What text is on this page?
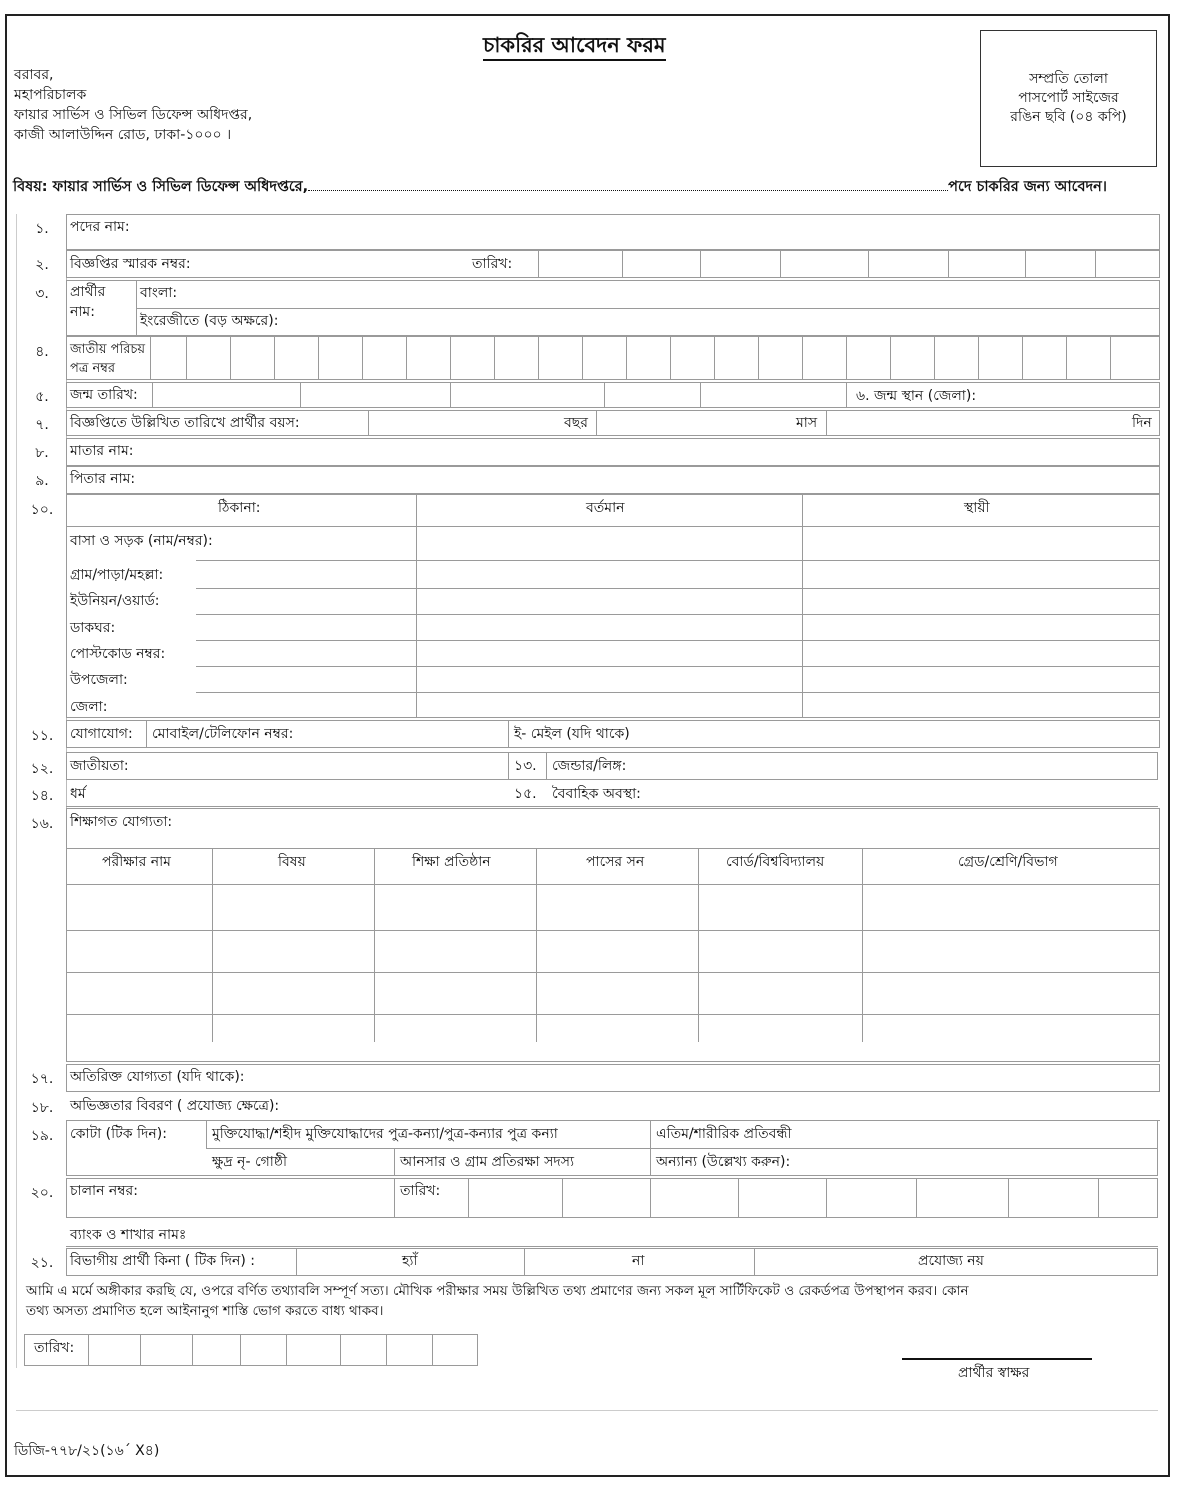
চাকরির আবেদন ফরম
সম্প্রতি তোলা
পাসপোর্ট সাইজের
রঙিন ছবি (০৪ কপি)
বরাবর,
মহাপরিচালক
ফায়ার সার্ভিস ও সিভিল ডিফেন্স অধিদপ্তর,
কাজী আলাউদ্দিন রোড, ঢাকা-১০০০ ।
বিষয়: ফায়ার সার্ভিস ও সিভিল ডিফেন্স অধিদপ্তরে,	পদে চাকরির জন্য আবেদন।
১.	পদের নাম:
২.	বিজ্ঞপ্তির স্মারক নম্বর:	তারিখ:
৩.	প্রার্থীর
নাম:
বাংলা:
ইংরেজীতে (বড় অক্ষরে):
৪.	জাতীয় পরিচয়
পত্র নম্বর
৫.	জন্ম তারিখ:	৬. জন্ম স্থান (জেলা):
৭.	বিজ্ঞপ্তিতে উল্লিখিত তারিখে প্রার্থীর বয়স:	বছর	মাস	দিন
৮.	মাতার নাম:
৯.	পিতার নাম:
১০.	ঠিকানা:	বর্তমান	স্থায়ী
বাসা ও সড়ক (নাম/নম্বর):
গ্রাম/পাড়া/মহল্লা:
ইউনিয়ন/ওয়ার্ড:
ডাকঘর:
পোস্টকোড নম্বর:
উপজেলা:
জেলা:
১১.	যোগাযোগ: মোবাইল/টেলিফোন নম্বর:	ই- মেইল (যদি থাকে)
১২.	জাতীয়তা:	১৩. জেন্ডার/লিঙ্গ:
১৪.	ধর্ম	১৫. বৈবাহিক অবস্থা:
১৬.	শিক্ষাগত যোগ্যতা:
পরীক্ষার নাম	বিষয়	শিক্ষা প্রতিষ্ঠান	পাসের সন	বোর্ড/বিশ্ববিদ্যালয়	গ্রেড/শ্রেণি/বিভাগ
১৭.	অতিরিক্ত যোগ্যতা (যদি থাকে):
১৮.	অভিজ্ঞতার বিবরণ ( প্রযোজ্য ক্ষেত্রে):
১৯.	কোটা (টিক দিন):	মুক্তিযোদ্ধা/শহীদ মুক্তিযোদ্ধাদের পুত্র-কন্যা/পুত্র-কন্যার পুত্র কন্যা	এতিম/শারীরিক প্রতিবন্ধী
ক্ষুদ্র নৃ- গোষ্ঠী	আনসার ও গ্রাম প্রতিরক্ষা সদস্য	অন্যান্য (উল্লেখ্য করুন):
২০.	চালান নম্বর:	তারিখ:
ব্যাংক ও শাখার নামঃ
২১.	বিভাগীয় প্রার্থী কিনা ( টিক দিন) :	হ্যাঁ	না	প্রযোজ্য নয়
আমি এ মর্মে অঙ্গীকার করছি যে, ওপরে বর্ণিত তথ্যাবলি সম্পূর্ণ সত্য। মৌখিক পরীক্ষার সময় উল্লিখিত তথ্য প্রমাণের জন্য সকল মূল সার্টিফিকেট ও রেকর্ডপত্র উপস্থাপন করব। কোন
তথ্য অসত্য প্রমাণিত হলে আইনানুগ শাস্তি ভোগ করতে বাধ্য থাকব।
তারিখ:
প্রার্থীর স্বাক্ষর
ডিজি-৭৭৮/২১(১৬´ X৪)
